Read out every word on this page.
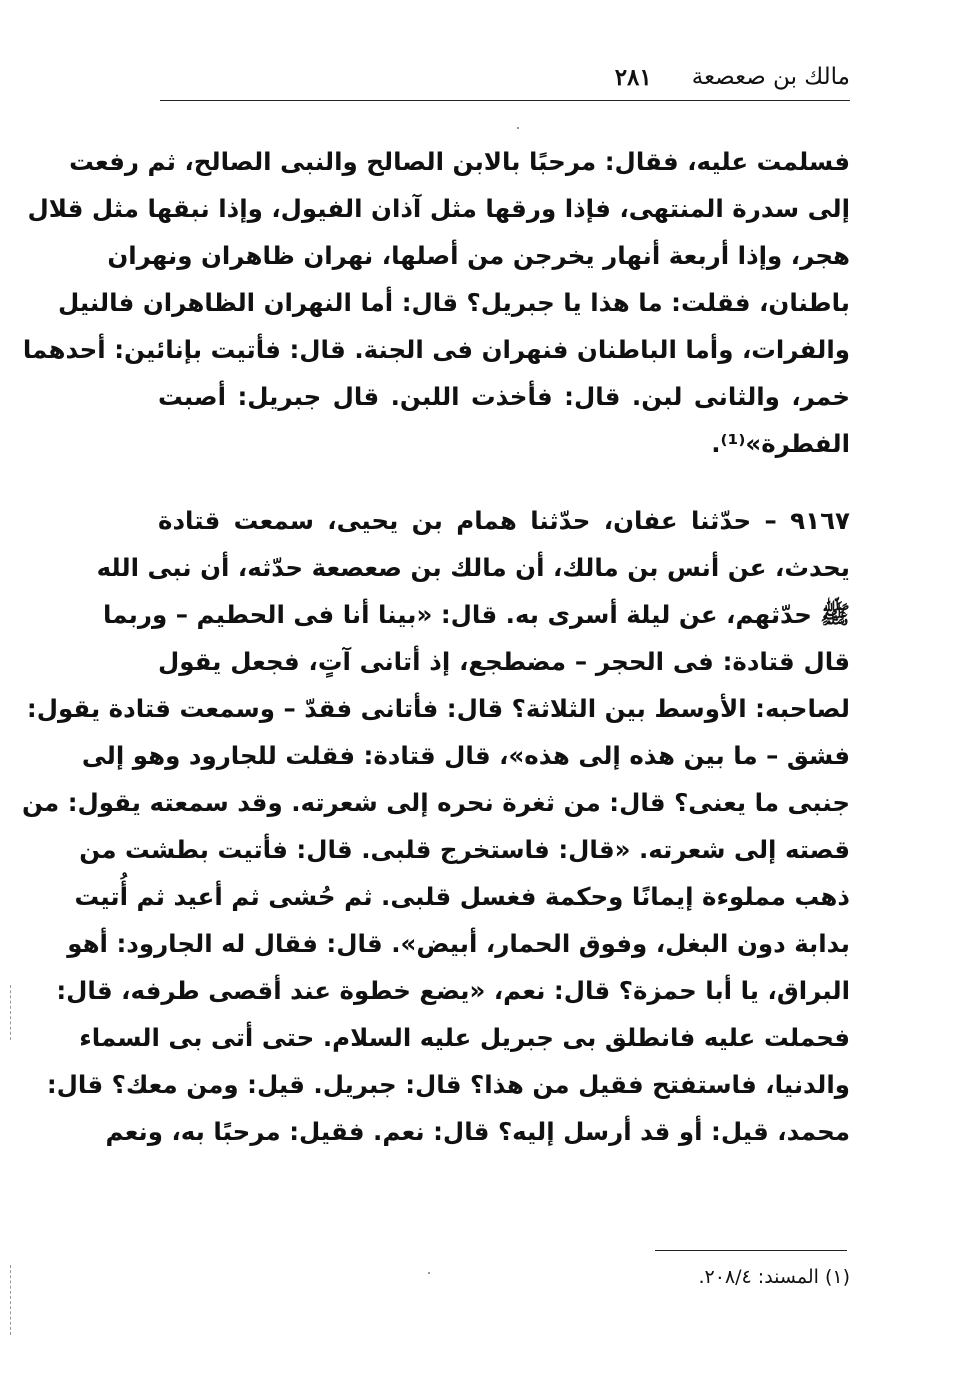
مالك بن صعصعة
٢٨١
فسلمت عليه، فقال: مرحبًا بالابن الصالح والنبى الصالح، ثم رفعت
إلى سدرة المنتهى، فإذا ورقها مثل آذان الفيول، وإذا نبقها مثل قلال
هجر، وإذا أربعة أنهار يخرجن من أصلها، نهران ظاهران ونهران
باطنان، فقلت: ما هذا يا جبريل؟ قال: أما النهران الظاهران فالنيل
والفرات، وأما الباطنان فنهران فى الجنة. قال: فأتيت بإنائين: أحدهما
خمر، والثانى لبن. قال: فأخذت اللبن. قال جبريل: أصبت
الفطرة»⁽¹⁾.
٩١٦٧ – حدّثنا عفان، حدّثنا همام بن يحيى، سمعت قتادة
يحدث، عن أنس بن مالك، أن مالك بن صعصعة حدّثه، أن نبى الله
ﷺ حدّثهم، عن ليلة أسرى به. قال: «بينا أنا فى الحطيم – وربما
قال قتادة: فى الحجر – مضطجع، إذ أتانى آتٍ، فجعل يقول
لصاحبه: الأوسط بين الثلاثة؟ قال: فأتانى فقدّ – وسمعت قتادة يقول:
فشق – ما بين هذه إلى هذه»، قال قتادة: فقلت للجارود وهو إلى
جنبى ما يعنى؟ قال: من ثغرة نحره إلى شعرته. وقد سمعته يقول: من
قصته إلى شعرته. «قال: فاستخرج قلبى. قال: فأتيت بطشت من
ذهب مملوءة إيمانًا وحكمة فغسل قلبى. ثم حُشى ثم أعيد ثم أُتيت
بدابة دون البغل، وفوق الحمار، أبيض». قال: فقال له الجارود: أهو
البراق، يا أبا حمزة؟ قال: نعم، «يضع خطوة عند أقصى طرفه، قال:
فحملت عليه فانطلق بى جبريل عليه السلام. حتى أتى بى السماء
والدنيا، فاستفتح فقيل من هذا؟ قال: جبريل. قيل: ومن معك؟ قال:
محمد، قيل: أو قد أرسل إليه؟ قال: نعم. فقيل: مرحبًا به، ونعم
(١) المسند: ٢٠٨/٤.
